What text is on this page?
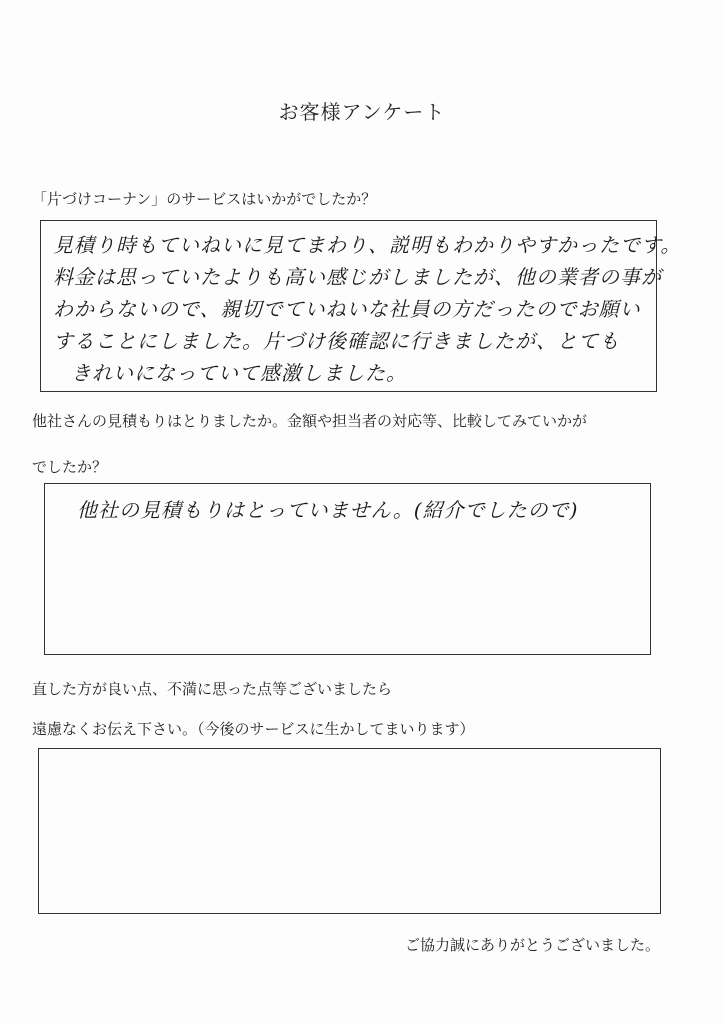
お客様アンケート
「片づけコーナン」のサービスはいかがでしたか？
見積り時もていねいに見てまわり、説明もわかりやすかったです。
料金は思っていたよりも高い感じがしましたが、他の業者の事が
わからないので、親切でていねいな社員の方だったのでお願い
することにしました。片づけ後確認に行きましたが、とても
きれいになっていて感激しました。
他社さんの見積もりはとりましたか。金額や担当者の対応等、比較してみていかが
でしたか？
他社の見積もりはとっていません。(紹介でしたので)
直した方が良い点、不満に思った点等ございましたら
遠慮なくお伝え下さい。（今後のサービスに生かしてまいります）
ご協力誠にありがとうございました。
